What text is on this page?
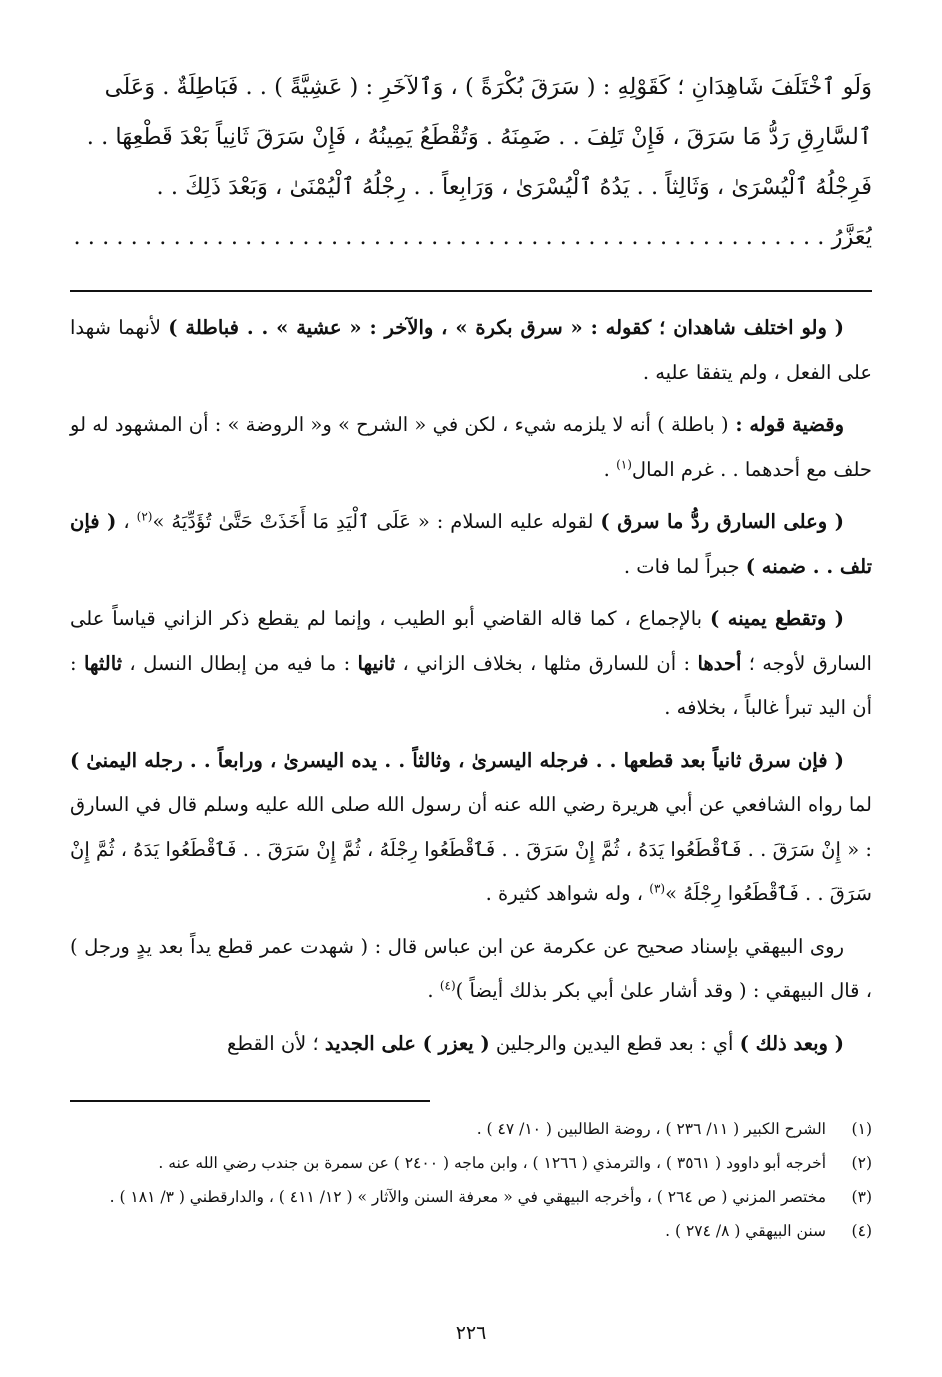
وَلَو ٱخْتَلَفَ شَاهِدَانِ ؛ كَقَوْلِهِ : ( سَرَقَ بُكْرَةً ) ، وَٱلآخَرِ : ( عَشِيَّةً ) . . فَبَاطِلَةٌ . وَعَلَى
ٱلسَّارِقِ رَدُّ مَا سَرَقَ ، فَإِنْ تَلِفَ . . ضَمِنَهُ . وَتُقْطَعُ يَمِينُهُ ، فَإِنْ سَرَقَ ثَانِياً بَعْدَ قَطْعِهَا . .
فَرِجْلُهُ ٱلْيُسْرَىٰ ، وَثَالِثاً . . يَدُهُ ٱلْيُسْرَىٰ ، وَرَابِعاً . . رِجْلُهُ ٱلْيُمْنَىٰ ، وَبَعْدَ ذَلِكَ . .
يُعَزَّرُ . . . . . . . . . . . . . . . . . . . . . . . . . . . . . . . . . . . . . . . . . . . . . . . . . . . . .

( ولو اختلف شاهدان ؛ كقوله : « سرق بكرة » ، والآخر : « عشية » . . فباطلة ) لأنهما شهدا على الفعل ، ولم يتفقا عليه .

وقضية قوله : ( باطلة ) أنه لا يلزمه شيء ، لكن في « الشرح » و« الروضة » : أن المشهود له لو حلف مع أحدهما . . غرم المال$^{(١)}$ .

( وعلى السارق ردُّ ما سرق ) لقوله عليه السلام : « عَلَى ٱلْيَدِ مَا أَخَذَتْ حَتَّىٰ تُؤَدِّيَهُ »$^{(٢)}$ ، ( فإن تلف . . ضمنه ) جبراً لما فات .

( وتقطع يمينه ) بالإجماع ، كما قاله القاضي أبو الطيب ، وإنما لم يقطع ذكر الزاني قياساً على السارق لأوجه ؛ أحدها : أن للسارق مثلها ، بخلاف الزاني ، ثانيها : ما فيه من إبطال النسل ، ثالثها : أن اليد تبرأ غالباً ، بخلافه .

( فإن سرق ثانياً بعد قطعها . . فرجله اليسرىٰ ، وثالثاً . . يده اليسرىٰ ، ورابعاً . . رجله اليمنىٰ ) لما رواه الشافعي عن أبي هريرة رضي الله عنه أن رسول الله صلى الله عليه وسلم قال في السارق : « إِنْ سَرَقَ . . فَٱقْطَعُوا يَدَهُ ، ثُمَّ إِنْ سَرَقَ . . فَٱقْطَعُوا رِجْلَهُ ، ثُمَّ إِنْ سَرَقَ . . فَٱقْطَعُوا يَدَهُ ، ثُمَّ إِنْ سَرَقَ . . فَٱقْطَعُوا رِجْلَهُ »$^{(٣)}$ ، وله شواهد كثيرة .

روى البيهقي بإسناد صحيح عن عكرمة عن ابن عباس قال : ( شهدت عمر قطع يداً بعد يدٍ ورجل ) ، قال البيهقي : ( وقد أشار علىٰ أبي بكر بذلك أيضاً )$^{(٤)}$ .

( وبعد ذلك ) أي : بعد قطع اليدين والرجلين ( يعزر ) على الجديد ؛ لأن القطع

(١)
الشرح الكبير ( ١١/ ٢٣٦ ) ، روضة الطالبين ( ١٠/ ٤٧ ) .
(٢)
أخرجه أبو داوود ( ٣٥٦١ ) ، والترمذي ( ١٢٦٦ ) ، وابن ماجه ( ٢٤٠٠ ) عن سمرة بن جندب رضي الله عنه .
(٣)
مختصر المزني ( ص ٢٦٤ ) ، وأخرجه البيهقي في « معرفة السنن والآثار » ( ١٢/ ٤١١ ) ، والدارقطني ( ٣/ ١٨١ ) .
(٤)
سنن البيهقي ( ٨/ ٢٧٤ ) .
٢٢٦
